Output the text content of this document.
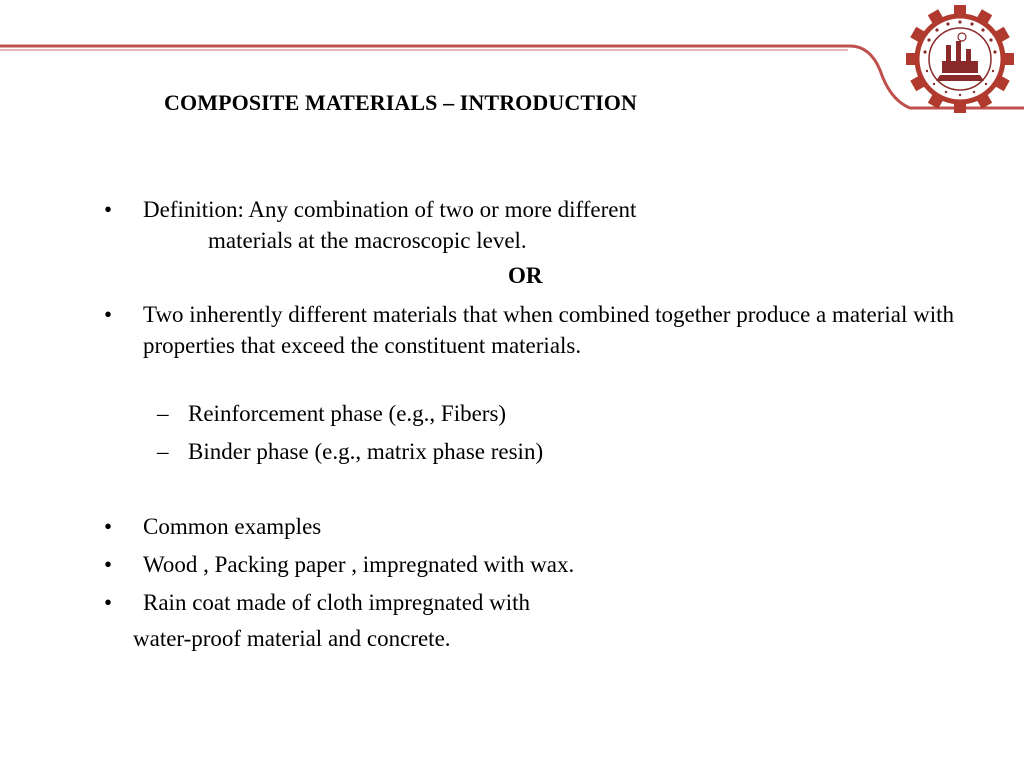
COMPOSITE MATERIALS – INTRODUCTION
• Definition: Any combination of two or more different
materials at the macroscopic level.
OR
• Two inherently different materials that when combined together produce a material with properties that exceed the constituent materials.
– Reinforcement phase (e.g., Fibers)
– Binder phase (e.g., matrix phase resin)
• Common examples
• Wood , Packing paper , impregnated with wax.
• Rain coat made of cloth impregnated with
water-proof material and concrete.
